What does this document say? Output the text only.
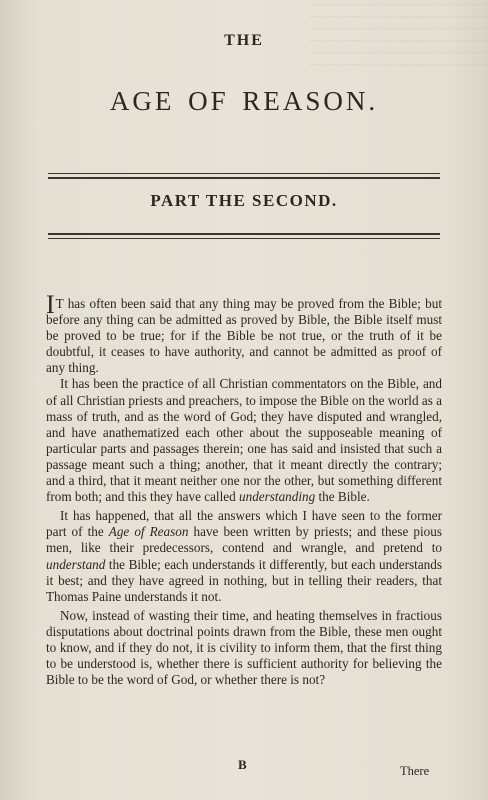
~~~~~~~~~~~~~~~~~~~~~~~~~~~~~~~~~
~~~~~~~~~~~~~~~~~~~~~~~~~~~~~~~~~
~~~~~~~~~~~~~~~~~~~~~~~~~~~~~~~~~
~~~~~~~~~~~~~~~~~~~~~~~~~~~~~~~~~
~~~~~~~~~~~~~~~~~~~~~~~~~~~~~~~~~
~~~~~~~~~~~~~~~~~~~~~~~~~~~~~~~~~
THE
AGE OF REASON.
PART THE SECOND.

IT has often been said that any thing may be proved from the Bible; but before any thing can be admitted as proved by Bible, the Bible itself must be proved to be true; for if the Bible be not true, or the truth of it be doubtful, it ceases to have authority, and cannot be admitted as proof of any thing.

It has been the practice of all Christian commentators on the Bible, and of all Christian priests and preachers, to impose the Bible on the world as a mass of truth, and as the word of God; they have disputed and wrangled, and have anathematized each other about the supposeable meaning of particular parts and passages therein; one has said and insisted that such a passage meant such a thing; another, that it meant directly the contrary; and a third, that it meant neither one nor the other, but something different from both; and this they have called understanding the Bible.

It has happened, that all the answers which I have seen to the former part of the Age of Reason have been written by priests; and these pious men, like their predecessors, contend and wrangle, and pretend to understand the Bible; each understands it differently, but each understands it best; and they have agreed in nothing, but in telling their readers, that Thomas Paine understands it not.

Now, instead of wasting their time, and heating themselves in fractious disputations about doctrinal points drawn from the Bible, these men ought to know, and if they do not, it is civility to inform them, that the first thing to be understood is, whether there is sufficient authority for believing the Bible to be the word of God, or whether there is not?

B	There
